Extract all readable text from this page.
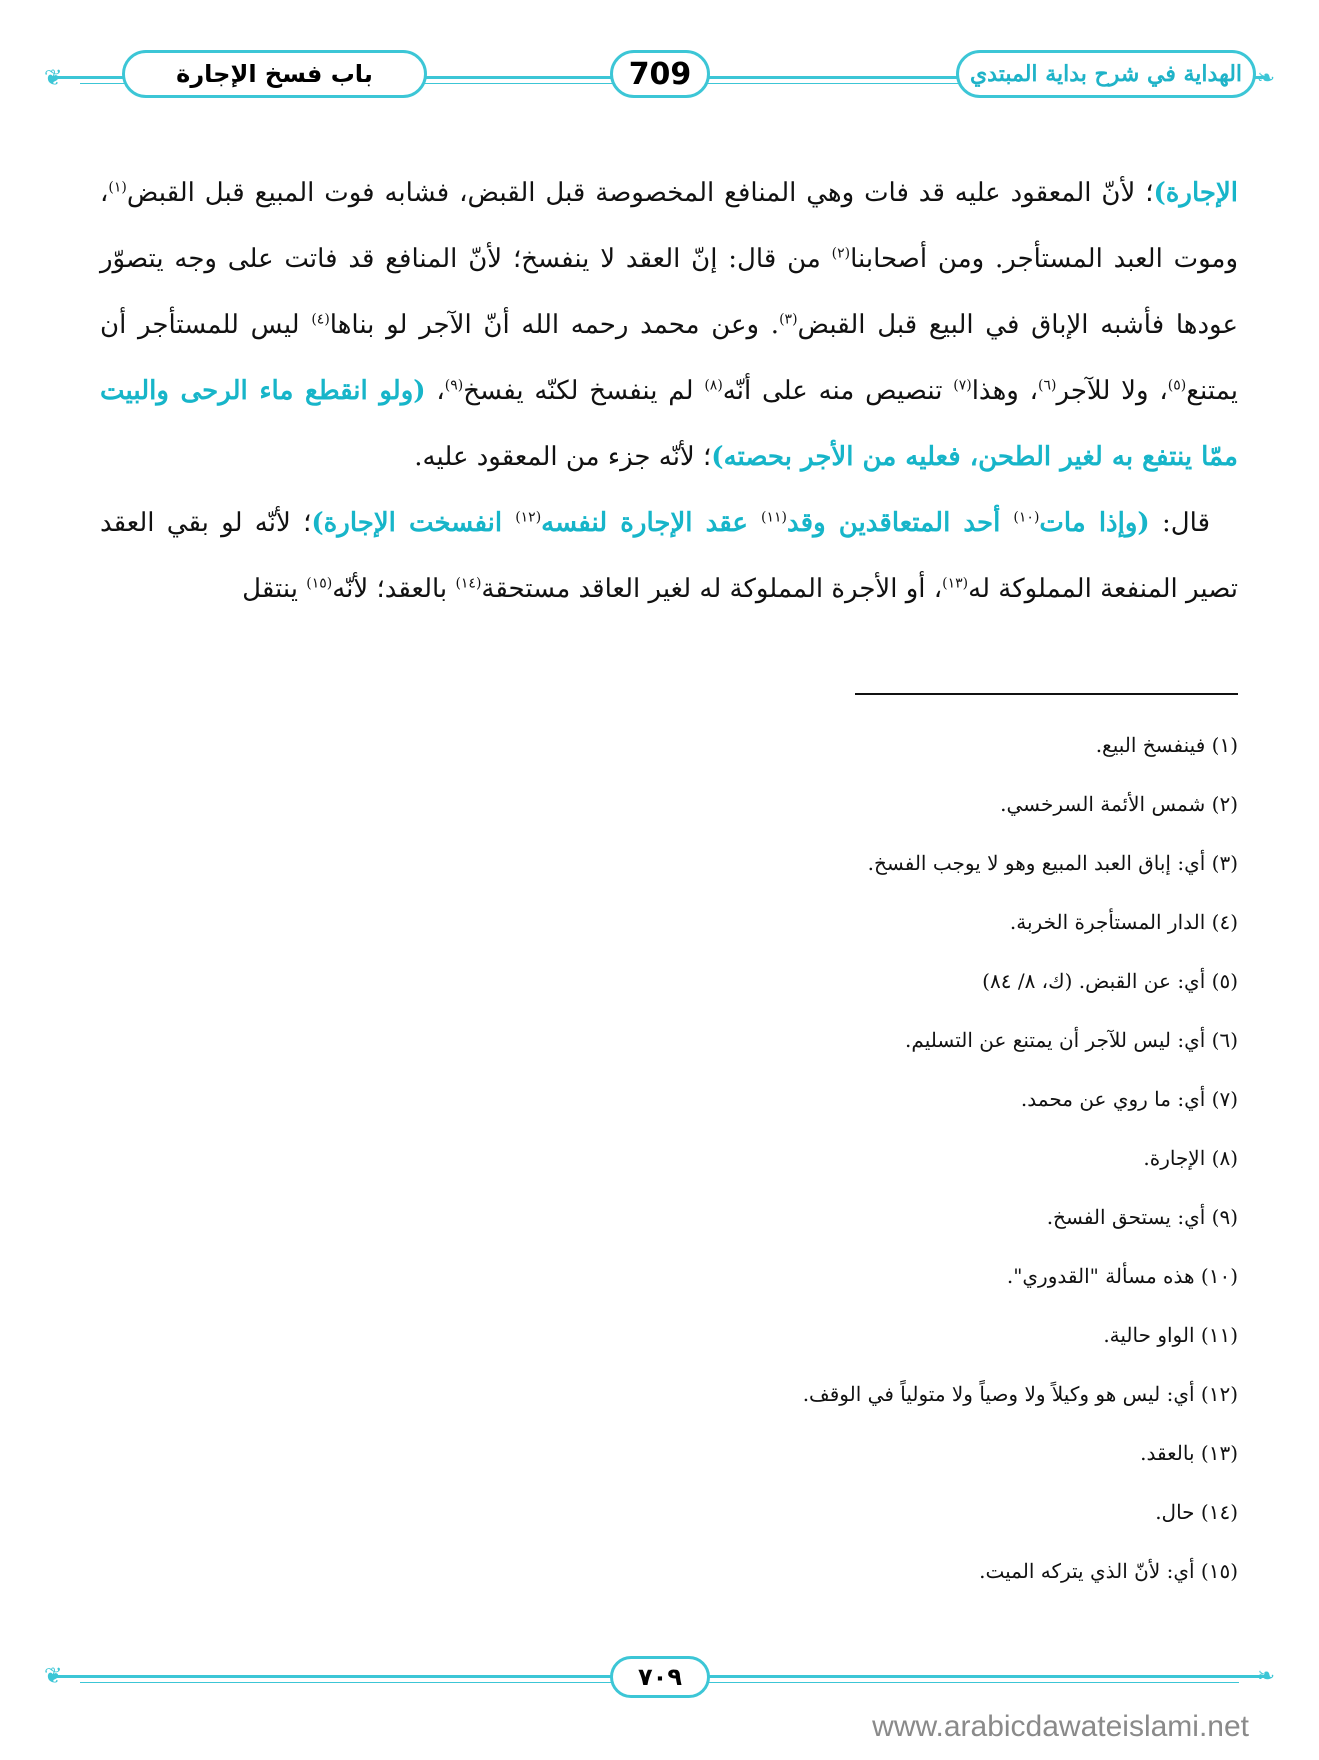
❦	❧
باب فسخ الإجارة	709	الهداية في شرح بداية المبتدي

الإجارة)؛ لأنّ المعقود عليه قد فات وهي المنافع المخصوصة قبل القبض، فشابه فوت المبيع قبل القبض$^{(١)}$، وموت العبد المستأجر. ومن أصحابنا$^{(٢)}$ من قال: إنّ العقد لا ينفسخ؛ لأنّ المنافع قد فاتت على وجه يتصوّر عودها فأشبه الإباق في البيع قبل القبض$^{(٣)}$. وعن محمد رحمه الله أنّ الآجر لو بناها$^{(٤)}$ ليس للمستأجر أن يمتنع$^{(٥)}$، ولا للآجر$^{(٦)}$، وهذا$^{(٧)}$ تنصيص منه على أنّه$^{(٨)}$ لم ينفسخ لكنّه يفسخ$^{(٩)}$، (ولو انقطع ماء الرحى والبيت ممّا ينتفع به لغير الطحن، فعليه من الأجر بحصته)؛ لأنّه جزء من المعقود عليه.

قال: (وإذا مات$^{(١٠)}$ أحد المتعاقدين وقد$^{(١١)}$ عقد الإجارة لنفسه$^{(١٢)}$ انفسخت الإجارة)؛ لأنّه لو بقي العقد تصير المنفعة المملوكة له$^{(١٣)}$، أو الأجرة المملوكة له لغير العاقد مستحقة$^{(١٤)}$ بالعقد؛ لأنّه$^{(١٥)}$ ينتقل

(١) فينفسخ البيع.
(٢) شمس الأئمة السرخسي.
(٣) أي: إباق العبد المبيع وهو لا يوجب الفسخ.
(٤) الدار المستأجرة الخربة.
(٥) أي: عن القبض. (ك، ٨/ ٨٤)
(٦) أي: ليس للآجر أن يمتنع عن التسليم.
(٧) أي: ما روي عن محمد.
(٨) الإجارة.
(٩) أي: يستحق الفسخ.
(١٠) هذه مسألة "القدوري".
(١١) الواو حالية.
(١٢) أي: ليس هو وكيلاً ولا وصياً ولا متولياً في الوقف.
(١٣) بالعقد.
(١٤) حال.
(١٥) أي: لأنّ الذي يتركه الميت.
❦	❧
٧٠٩
www.arabicdawateislami.net
